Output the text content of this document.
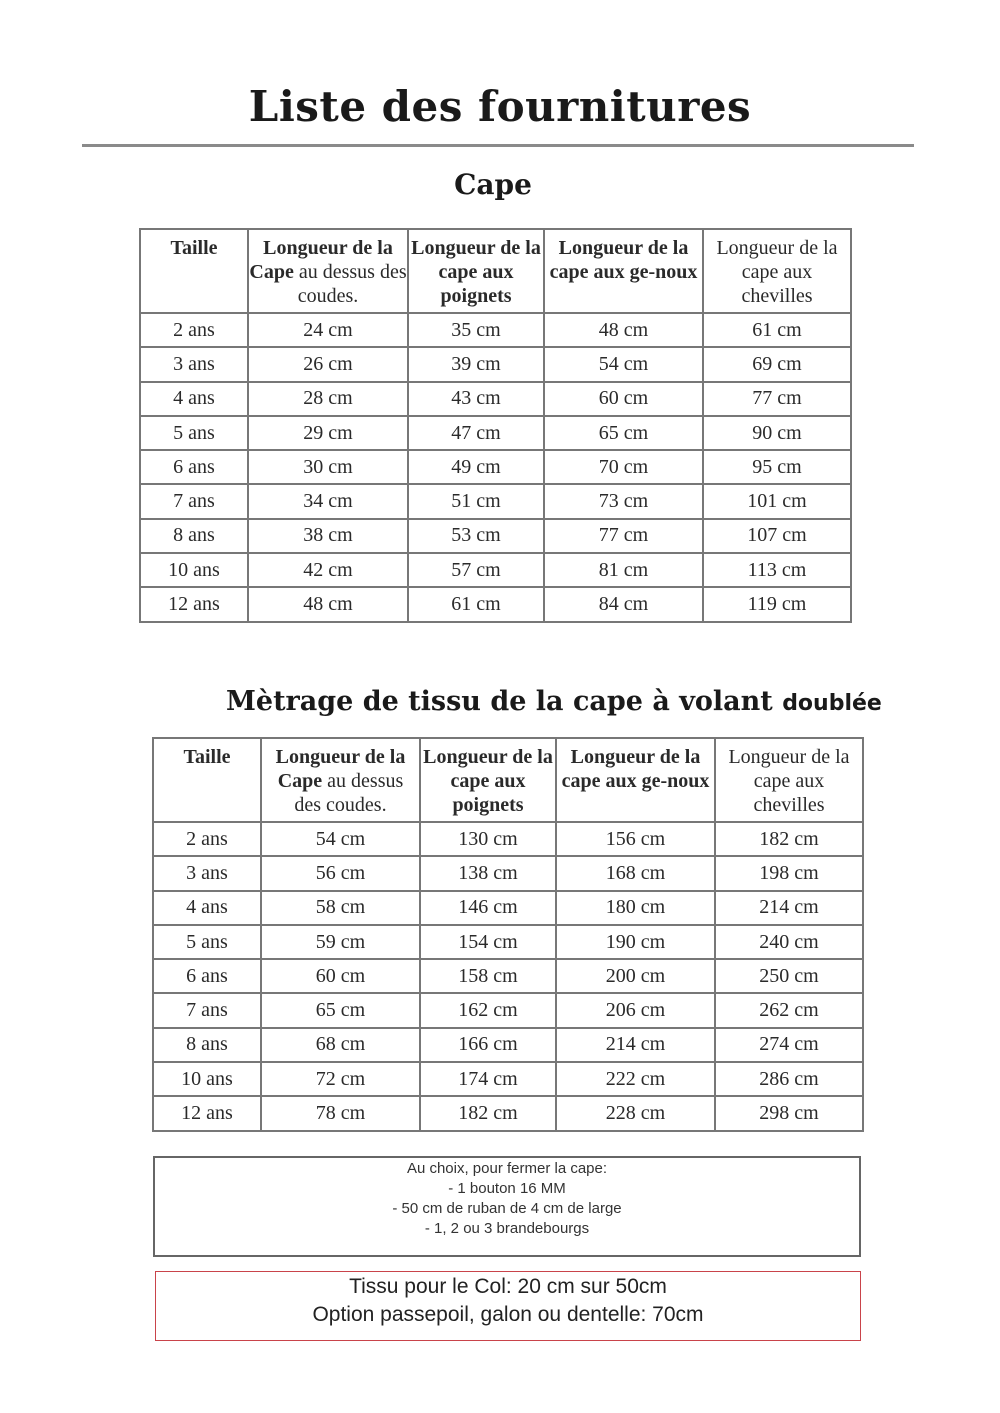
Liste des fournitures
Cape
Taille	Longueur de la Cape au dessus des coudes.	Longueur de la cape aux poignets	Longueur de la cape aux ge-noux	Longueur de la cape aux chevilles
2 ans	24 cm	35 cm	48 cm	61 cm
3 ans	26 cm	39 cm	54 cm	69 cm
4 ans	28 cm	43 cm	60 cm	77 cm
5 ans	29 cm	47 cm	65 cm	90 cm
6 ans	30 cm	49 cm	70 cm	95 cm
7 ans	34 cm	51 cm	73 cm	101 cm
8 ans	38 cm	53 cm	77 cm	107 cm
10 ans	42 cm	57 cm	81 cm	113 cm
12 ans	48 cm	61 cm	84 cm	119 cm
Mètrage de tissu de la cape à volant doublée
Taille	Longueur de la Cape au dessus des coudes.	Longueur de la cape aux poignets	Longueur de la cape aux ge-noux	Longueur de la cape aux chevilles
2 ans	54 cm	130 cm	156 cm	182 cm
3 ans	56 cm	138 cm	168 cm	198 cm
4 ans	58 cm	146 cm	180 cm	214 cm
5 ans	59 cm	154 cm	190 cm	240 cm
6 ans	60 cm	158 cm	200 cm	250 cm
7 ans	65 cm	162 cm	206 cm	262 cm
8 ans	68 cm	166 cm	214 cm	274 cm
10 ans	72 cm	174 cm	222 cm	286 cm
12 ans	78 cm	182 cm	228 cm	298 cm
Au choix, pour fermer la cape:
- 1 bouton 16 MM
- 50 cm de ruban de 4 cm de large
- 1, 2 ou 3 brandebourgs
Tissu pour le Col: 20 cm sur 50cm
Option passepoil, galon ou dentelle: 70cm
